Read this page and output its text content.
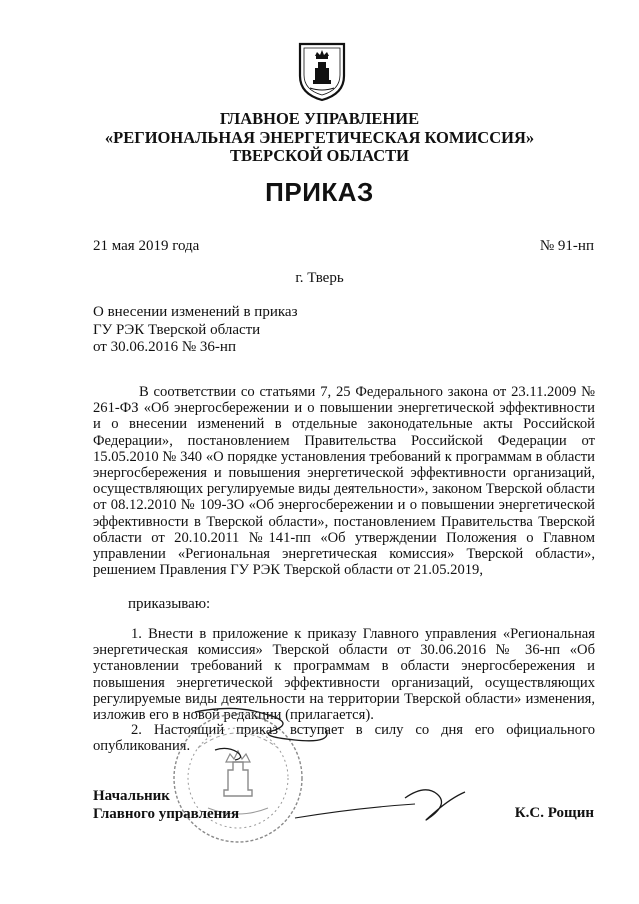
ГЛАВНОЕ УПРАВЛЕНИЕ
«РЕГИОНАЛЬНАЯ ЭНЕРГЕТИЧЕСКАЯ КОМИССИЯ»
ТВЕРСКОЙ ОБЛАСТИ
ПРИКАЗ
21 мая 2019 года	№ 91-нп
г. Тверь
О внесении изменений в приказ
ГУ РЭК Тверской области
от 30.06.2016 № 36-нп

В соответствии со статьями 7, 25 Федерального закона от 23.11.2009 № 261-ФЗ «Об энергосбережении и о повышении энергетической эффективности и о внесении изменений в отдельные законодательные акты Российской Федерации», постановлением Правительства Российской Федерации от 15.05.2010 № 340 «О порядке установления требований к программам в области энергосбережения и повышения энергетической эффективности организаций, осуществляющих регулируемые виды деятельности», законом Тверской области от 08.12.2010 № 109-ЗО «Об энергосбережении и о повышении энергетической эффективности в Тверской области», постановлением Правительства Тверской области от 20.10.2011 №141-пп «Об утверждении Положения о Главном управлении «Региональная энергетическая комиссия» Тверской области», решением Правления ГУ РЭК Тверской области от 21.05.2019,

приказываю:

1. Внести в приложение к приказу Главного управления «Региональная энергетическая комиссия» Тверской области от 30.06.2016 № 36-нп «Об установлении требований к программам в области энергосбережения и повышения энергетической эффективности организаций, осуществляющих регулируемые виды деятельности на территории Тверской области» изменения, изложив его в новой редакции (прилагается).

2. Настоящий приказ вступает в силу со дня его официального опубликования.

Начальник
Главного управления	К.С. Рощин
